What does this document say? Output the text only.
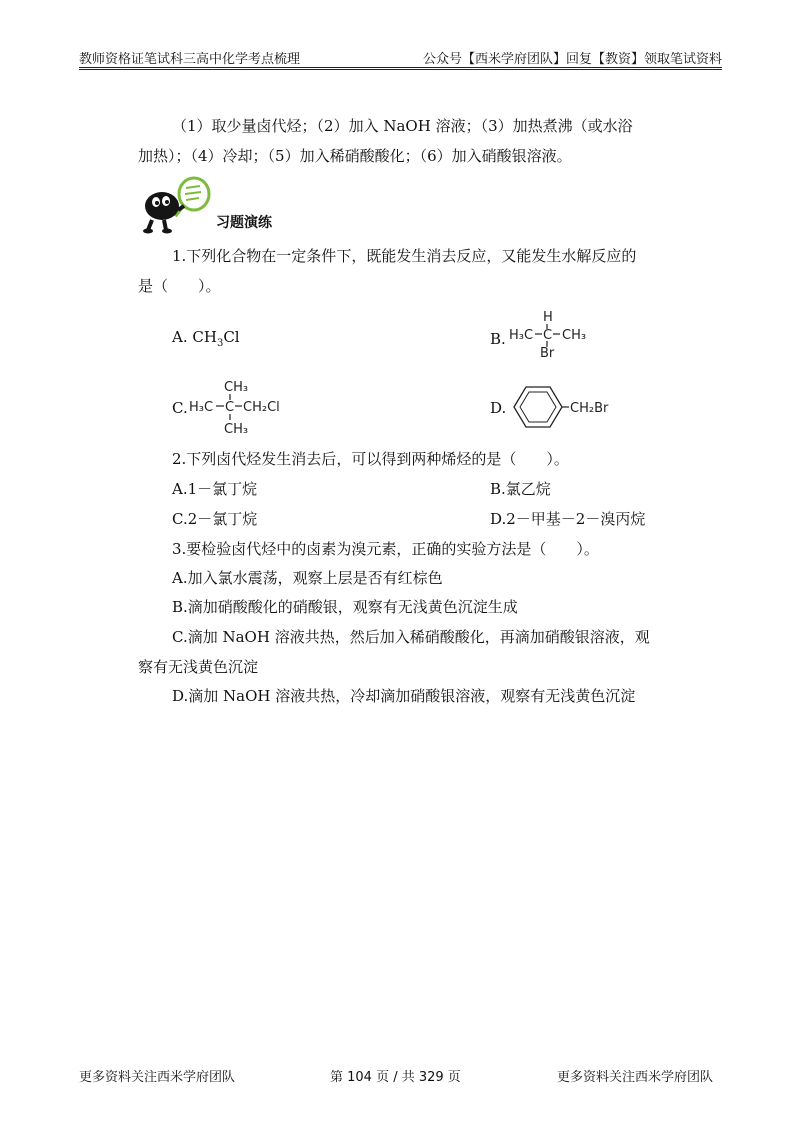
教师资格证笔试科三高中化学考点梳理	公众号【西米学府团队】回复【教资】领取笔试资料
（1）取少量卤代烃；（2）加入 NaOH 溶液；（3）加热煮沸（或水浴
加热）；（4）冷却；（5）加入稀硝酸酸化；（6）加入硝酸银溶液。
习题演练
1.下列化合物在一定条件下，既能发生消去反应，又能发生水解反应的
是（　　）。
A. $CH_3Cl$	B.
H
H₃C C CH₃
Br
C.
CH₃
H₃C C CH₂Cl
CH₃
D.	CH₂Br
2.下列卤代烃发生消去后，可以得到两种烯烃的是（　　）。
A.1－氯丁烷	B.氯乙烷
C.2－氯丁烷	D.2－甲基－2－溴丙烷
3.要检验卤代烃中的卤素为溴元素，正确的实验方法是（　　）。
A.加入氯水震荡，观察上层是否有红棕色
B.滴加硝酸酸化的硝酸银，观察有无浅黄色沉淀生成
C.滴加 NaOH 溶液共热，然后加入稀硝酸酸化，再滴加硝酸银溶液，观
察有无浅黄色沉淀
D.滴加 NaOH 溶液共热，冷却滴加硝酸银溶液，观察有无浅黄色沉淀
更多资料关注西米学府团队	第 104 页 / 共 329 页	更多资料关注西米学府团队
